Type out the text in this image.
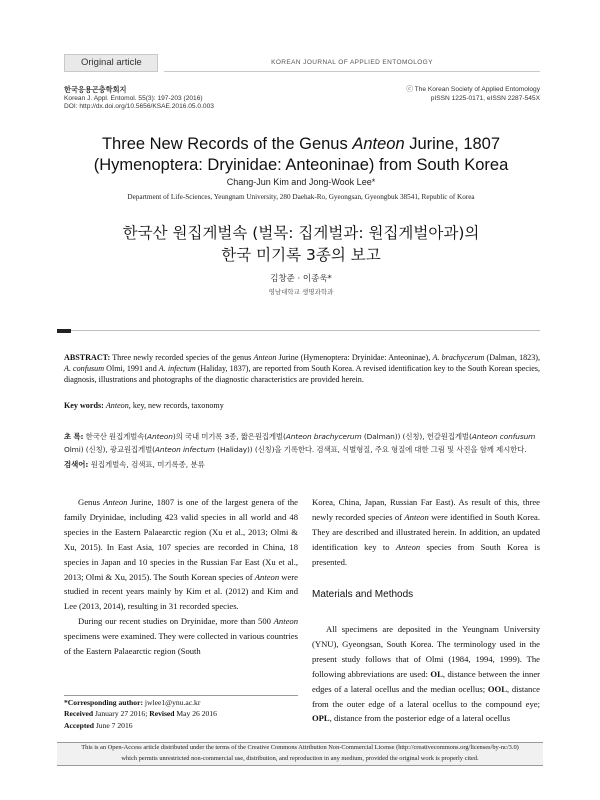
Original article	KOREAN JOURNAL OF APPLIED ENTOMOLOGY
한국응용곤충학회지
Korean J. Appl. Entomol. 55(3): 197-203 (2016)
DOI: http://dx.doi.org/10.5656/KSAE.2016.05.0.003
ⓒ The Korean Society of Applied Entomology
pISSN 1225-0171, eISSN 2287-545X
Three New Records of the Genus Anteon Jurine, 1807
(Hymenoptera: Dryinidae: Anteoninae) from South Korea
Chang-Jun Kim and Jong-Wook Lee*
Department of Life-Sciences, Yeungnam University, 280 Daehak-Ro, Gyeongsan, Gyeongbuk 38541, Republic of Korea
한국산 원집게벌속 (벌목: 집게벌과: 원집게벌아과)의
한국 미기록 3종의 보고
김창준 · 이종욱*
영남대학교 생명과학과
ABSTRACT: Three newly recorded species of the genus Anteon Jurine (Hymenoptera: Dryinidae: Anteoninae), A. brachycerum (Dalman, 1823), A. confusum Olmi, 1991 and A. infectum (Haliday, 1837), are reported from South Korea. A revised identification key to the South Korean species, diagnosis, illustrations and photographs of the diagnostic characteristics are provided herein.
Key words: Anteon, key, new records, taxonomy
초 록: 한국산 원집게벌속(Anteon)의 국내 미기록 3종, 짧은원집게벌(Anteon brachycerum (Dalman)) (신칭), 헌갈원집게벌(Anteon confusum Olmi) (신칭), 광교원집게벌(Anteon infectum (Haliday)) (신칭)을 기록한다. 검색표, 식별형질, 주요 형질에 대한 그림 및 사진을 함께 제시한다.
검색어: 원집게벌속, 검색표, 미기록종, 분류

Genus Anteon Jurine, 1807 is one of the largest genera of the family Dryinidae, including 423 valid species in all world and 48 species in the Eastern Palaearctic region (Xu et al., 2013; Olmi & Xu, 2015). In East Asia, 107 species are recorded in China, 18 species in Japan and 10 species in the Russian Far East (Xu et al., 2013; Olmi & Xu, 2015). The South Korean species of Anteon were studied in recent years mainly by Kim et al. (2012) and Kim and Lee (2013, 2014), resulting in 31 recorded species.

During our recent studies on Dryinidae, more than 500 Anteon specimens were examined. They were collected in various countries of the Eastern Palaearctic region (South

Korea, China, Japan, Russian Far East). As result of this, three newly recorded species of Anteon were identified in South Korea. They are described and illustrated herein. In addition, an updated identification key to Anteon species from South Korea is presented.

Materials and Methods

All specimens are deposited in the Yeungnam University (YNU), Gyeongsan, South Korea. The terminology used in the present study follows that of Olmi (1984, 1994, 1999). The following abbreviations are used: OL, distance between the inner edges of a lateral ocellus and the median ocellus; OOL, distance from the outer edge of a lateral ocellus to the compound eye; OPL, distance from the posterior edge of a lateral ocellus

*Corresponding author: jwlee1@ynu.ac.kr
Received January 27 2016; Revised May 26 2016
Accepted June 7 2016
This is an Open-Access article distributed under the terms of the Creative Commons Attribution Non-Commercial License (http://creativecommons.org/licenses/by-nc/3.0)
which permits unrestricted non-commercial use, distribution, and reproduction in any medium, provided the original work is properly cited.
